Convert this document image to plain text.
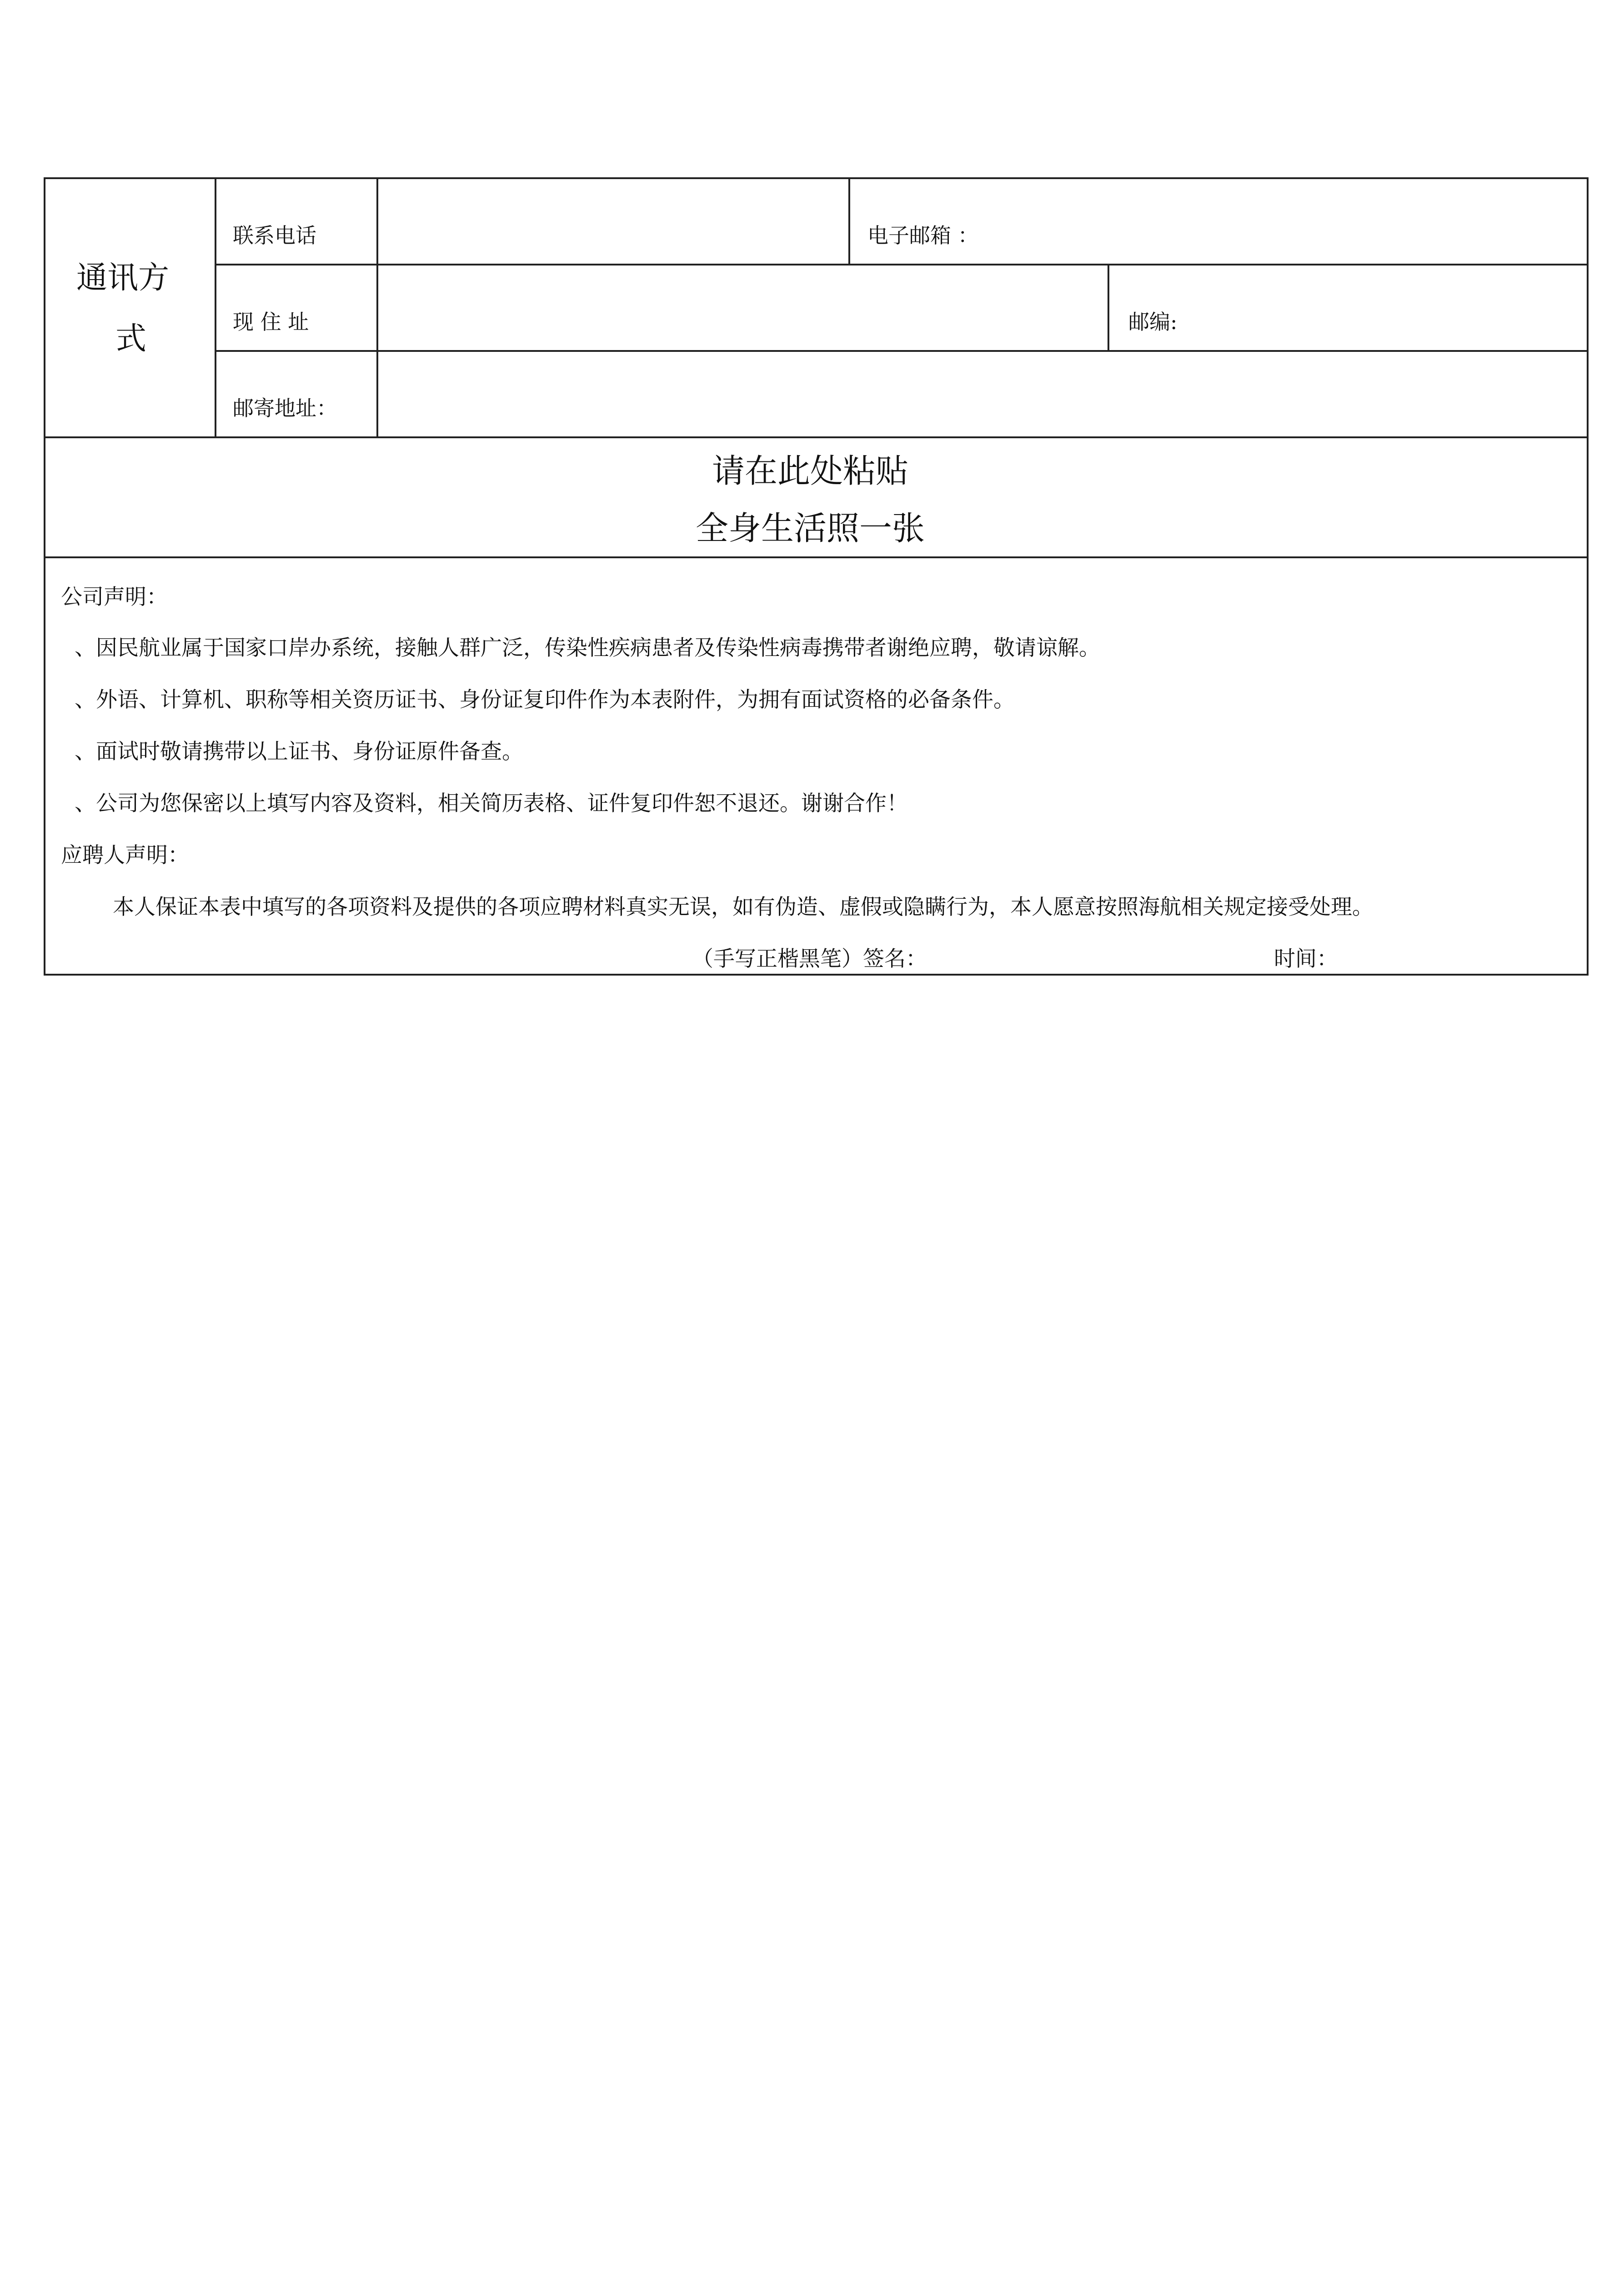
通讯方
式
联系电话	电子邮箱 ：
现 住 址	邮编:
邮寄地址：
请在此处粘贴
全身生活照一张
公司声明：
、因民航业属于国家口岸办系统，接触人群广泛，传染性疾病患者及传染性病毒携带者谢绝应聘，敬请谅解。
、外语、计算机、职称等相关资历证书、身份证复印件作为本表附件，为拥有面试资格的必备条件。
、面试时敬请携带以上证书、身份证原件备查。
、公司为您保密以上填写内容及资料，相关简历表格、证件复印件恕不退还。谢谢合作！
应聘人声明：
本人保证本表中填写的各项资料及提供的各项应聘材料真实无误，如有伪造、虚假或隐瞒行为，本人愿意按照海航相关规定接受处理。
（手写正楷黑笔）签名：	时间：
